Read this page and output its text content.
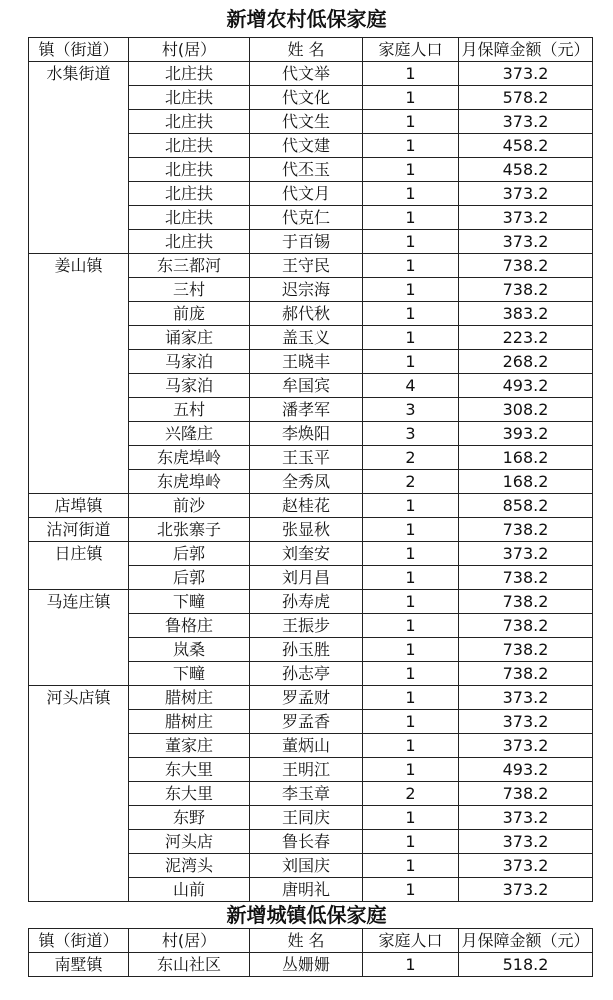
新增农村低保家庭
镇（街道）	村(居）	姓 名	家庭人口	月保障金额（元）
水集街道	北庄扶	代文举	1	373.2
	北庄扶	代文化	1	578.2
	北庄扶	代文生	1	373.2
	北庄扶	代文建	1	458.2
	北庄扶	代丕玉	1	458.2
	北庄扶	代文月	1	373.2
	北庄扶	代克仁	1	373.2
	北庄扶	于百锡	1	373.2
姜山镇	东三都河	王守民	1	738.2
	三村	迟宗海	1	738.2
	前庞	郝代秋	1	383.2
	诵家庄	盖玉义	1	223.2
	马家泊	王晓丰	1	268.2
	马家泊	牟国宾	4	493.2
	五村	潘孝军	3	308.2
	兴隆庄	李焕阳	3	393.2
	东虎埠岭	王玉平	2	168.2
	东虎埠岭	全秀凤	2	168.2
店埠镇	前沙	赵桂花	1	858.2
沽河街道	北张寨子	张显秋	1	738.2
日庄镇	后郭	刘奎安	1	373.2
	后郭	刘月昌	1	738.2
马连庄镇	下疃	孙寿虎	1	738.2
	鲁格庄	王振步	1	738.2
	岚桑	孙玉胜	1	738.2
	下疃	孙志亭	1	738.2
河头店镇	腊树庄	罗孟财	1	373.2
	腊树庄	罗孟香	1	373.2
	董家庄	董炳山	1	373.2
	东大里	王明江	1	493.2
	东大里	李玉章	2	738.2
	东野	王同庆	1	373.2
	河头店	鲁长春	1	373.2
	泥湾头	刘国庆	1	373.2
	山前	唐明礼	1	373.2
新增城镇低保家庭
镇（街道）	村(居）	姓 名	家庭人口	月保障金额（元）
南墅镇	东山社区	丛姗姗	1	518.2
